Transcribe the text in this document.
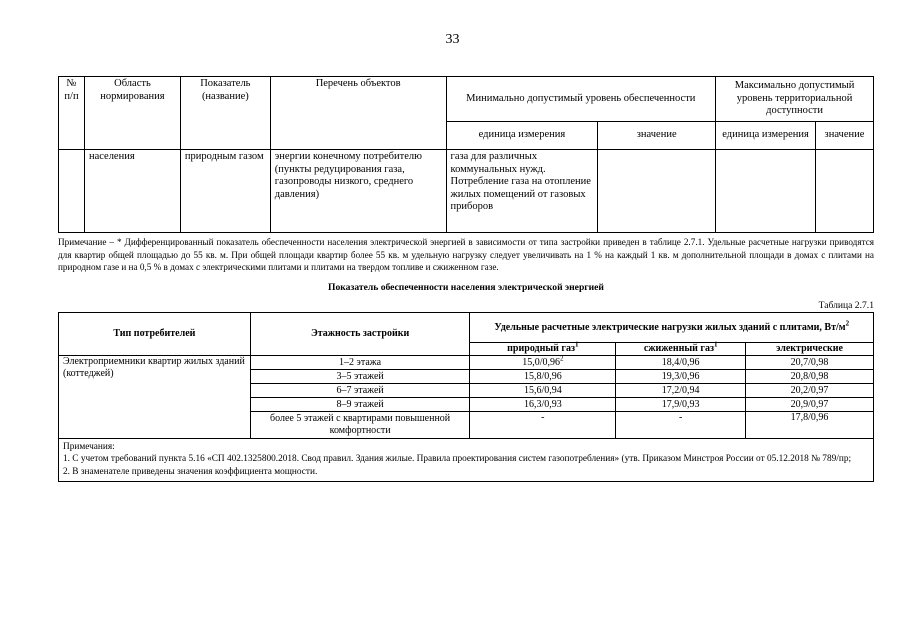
33
№ п/п	Область нормирования	Показатель (название)	Перечень объектов	Минимально допустимый уровень обеспеченности		Максимально допустимый уровень территориальной доступности	
				единица измерения	значение	единица измерения	значение
	населения	природным газом	энергии конечному потребителю (пункты редуцирования газа, газопроводы низкого, среднего давления)	газа для различных коммунальных нужд. Потребление газа на отопление жилых помещений от газовых приборов			
Примечание – * Дифференцированный показатель обеспеченности населения электрической энергией в зависимости от типа застройки приведен в таблице 2.7.1. Удельные расчетные нагрузки приводятся для квартир общей площадью до 55 кв. м. При общей площади квартир более 55 кв. м удельную нагрузку следует увеличивать на 1 % на каждый 1 кв. м дополнительной площади в домах с плитами на природном газе и на 0,5 % в домах с электрическими плитами и плитами на твердом топливе и сжиженном газе.
Показатель обеспеченности населения электрической энергией
Таблица 2.7.1
Тип потребителей	Этажность застройки	Удельные расчетные электрические нагрузки жилых зданий с плитами, $Вт/м^2$
		природный газ$^1$	сжиженный газ$^1$	электрические
Электроприемники квартир жилых зданий (коттеджей)	1–2 этажа	15,0/0,96$^2$	18,4/0,96	20,7/0,98
	3–5 этажей	15,8/0,96	19,3/0,96	20,8/0,98
	6–7 этажей	15,6/0,94	17,2/0,94	20,2/0,97
	8–9 этажей	16,3/0,93	17,9/0,93	20,9/0,97
	более 5 этажей с квартирами повышенной комфортности	-	-	17,8/0,96

Примечания:
1. С учетом требований пункта 5.16 «СП 402.1325800.2018. Свод правил. Здания жилые. Правила проектирования систем газопотребления» (утв. Приказом Минстроя России от 05.12.2018 № 789/пр;
2. В знаменателе приведены значения коэффициента мощности.				
